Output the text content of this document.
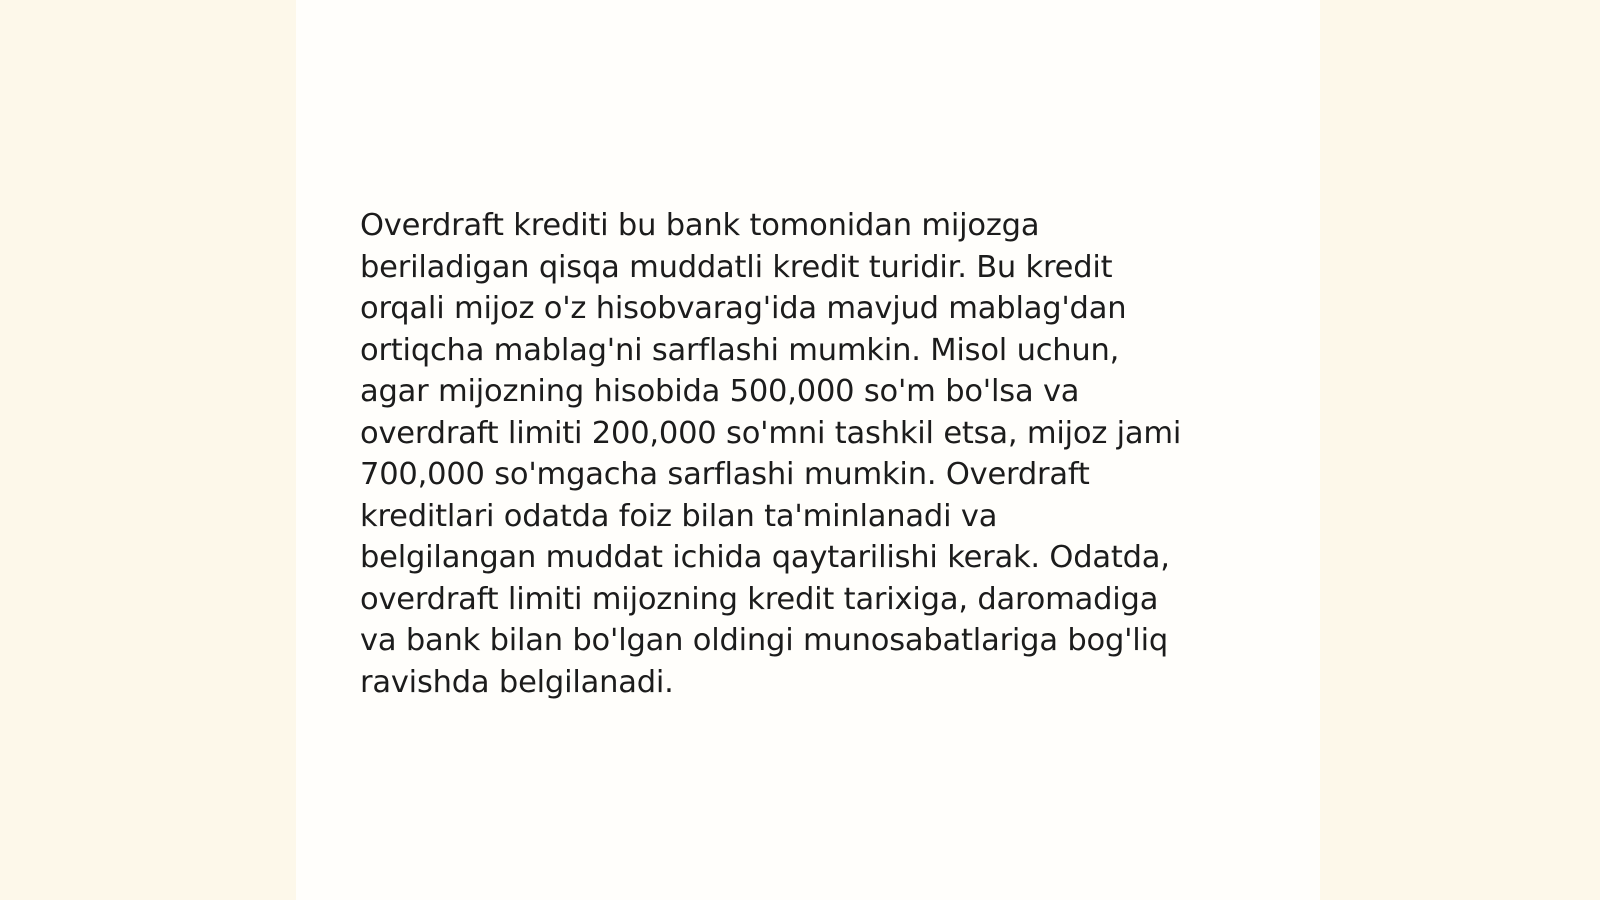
Overdraft krediti bu bank tomonidan mijozga
beriladigan qisqa muddatli kredit turidir. Bu kredit
orqali mijoz o'z hisobvarag'ida mavjud mablag'dan
ortiqcha mablag'ni sarflashi mumkin. Misol uchun,
agar mijozning hisobida 500,000 so'm bo'lsa va
overdraft limiti 200,000 so'mni tashkil etsa, mijoz jami
700,000 so'mgacha sarflashi mumkin. Overdraft
kreditlari odatda foiz bilan ta'minlanadi va
belgilangan muddat ichida qaytarilishi kerak. Odatda,
overdraft limiti mijozning kredit tarixiga, daromadiga
va bank bilan bo'lgan oldingi munosabatlariga bog'liq
ravishda belgilanadi.
